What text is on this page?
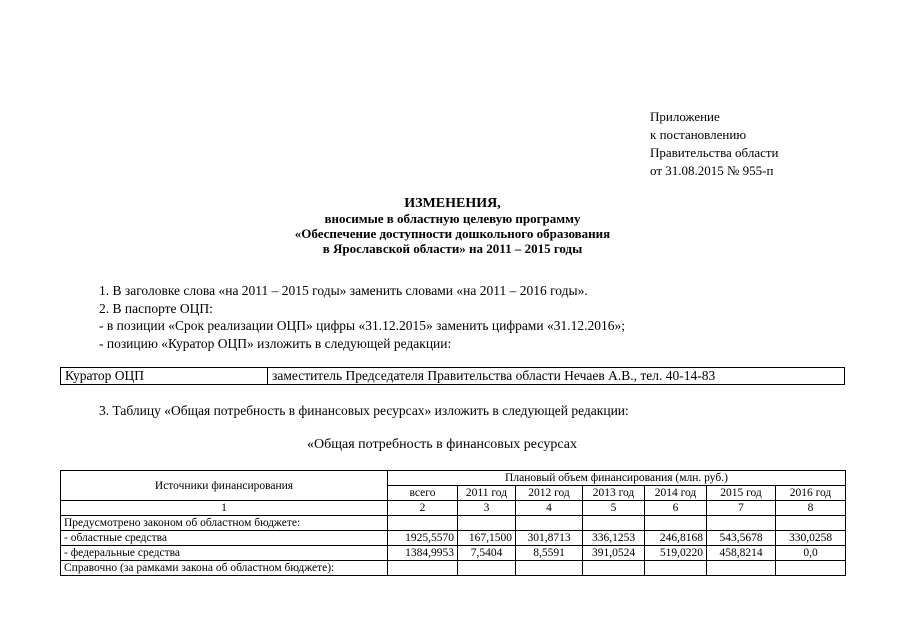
Приложение
к постановлению
Правительства области
от 31.08.2015 № 955-п
ИЗМЕНЕНИЯ,
вносимые в областную целевую программу
«Обеспечение доступности дошкольного образования
в Ярославской области» на 2011 – 2015 годы
1. В заголовке слова «на 2011 – 2015 годы» заменить словами «на 2011 – 2016 годы».
2. В паспорте ОЦП:
- в позиции «Срок реализации ОЦП» цифры «31.12.2015» заменить цифрами «31.12.2016»;
- позицию «Куратор ОЦП» изложить в следующей редакции:
Куратор ОЦП	заместитель Председателя Правительства области Нечаев А.В., тел. 40-14-83
3. Таблицу «Общая потребность в финансовых ресурсах» изложить в следующей редакции:
«Общая потребность в финансовых ресурсах
Источники финансирования	Плановый объем финансирования (млн. руб.)						
	всего	2011 год	2012 год	2013 год	2014 год	2015 год	2016 год
1	2	3	4	5	6	7	8
Предусмотрено законом об областном бюджете:							
- областные средства	1925,5570	167,1500	301,8713	336,1253	246,8168	543,5678	330,0258
- федеральные средства	1384,9953	7,5404	8,5591	391,0524	519,0220	458,8214	0,0
Справочно (за рамками закона об областном бюджете):							
